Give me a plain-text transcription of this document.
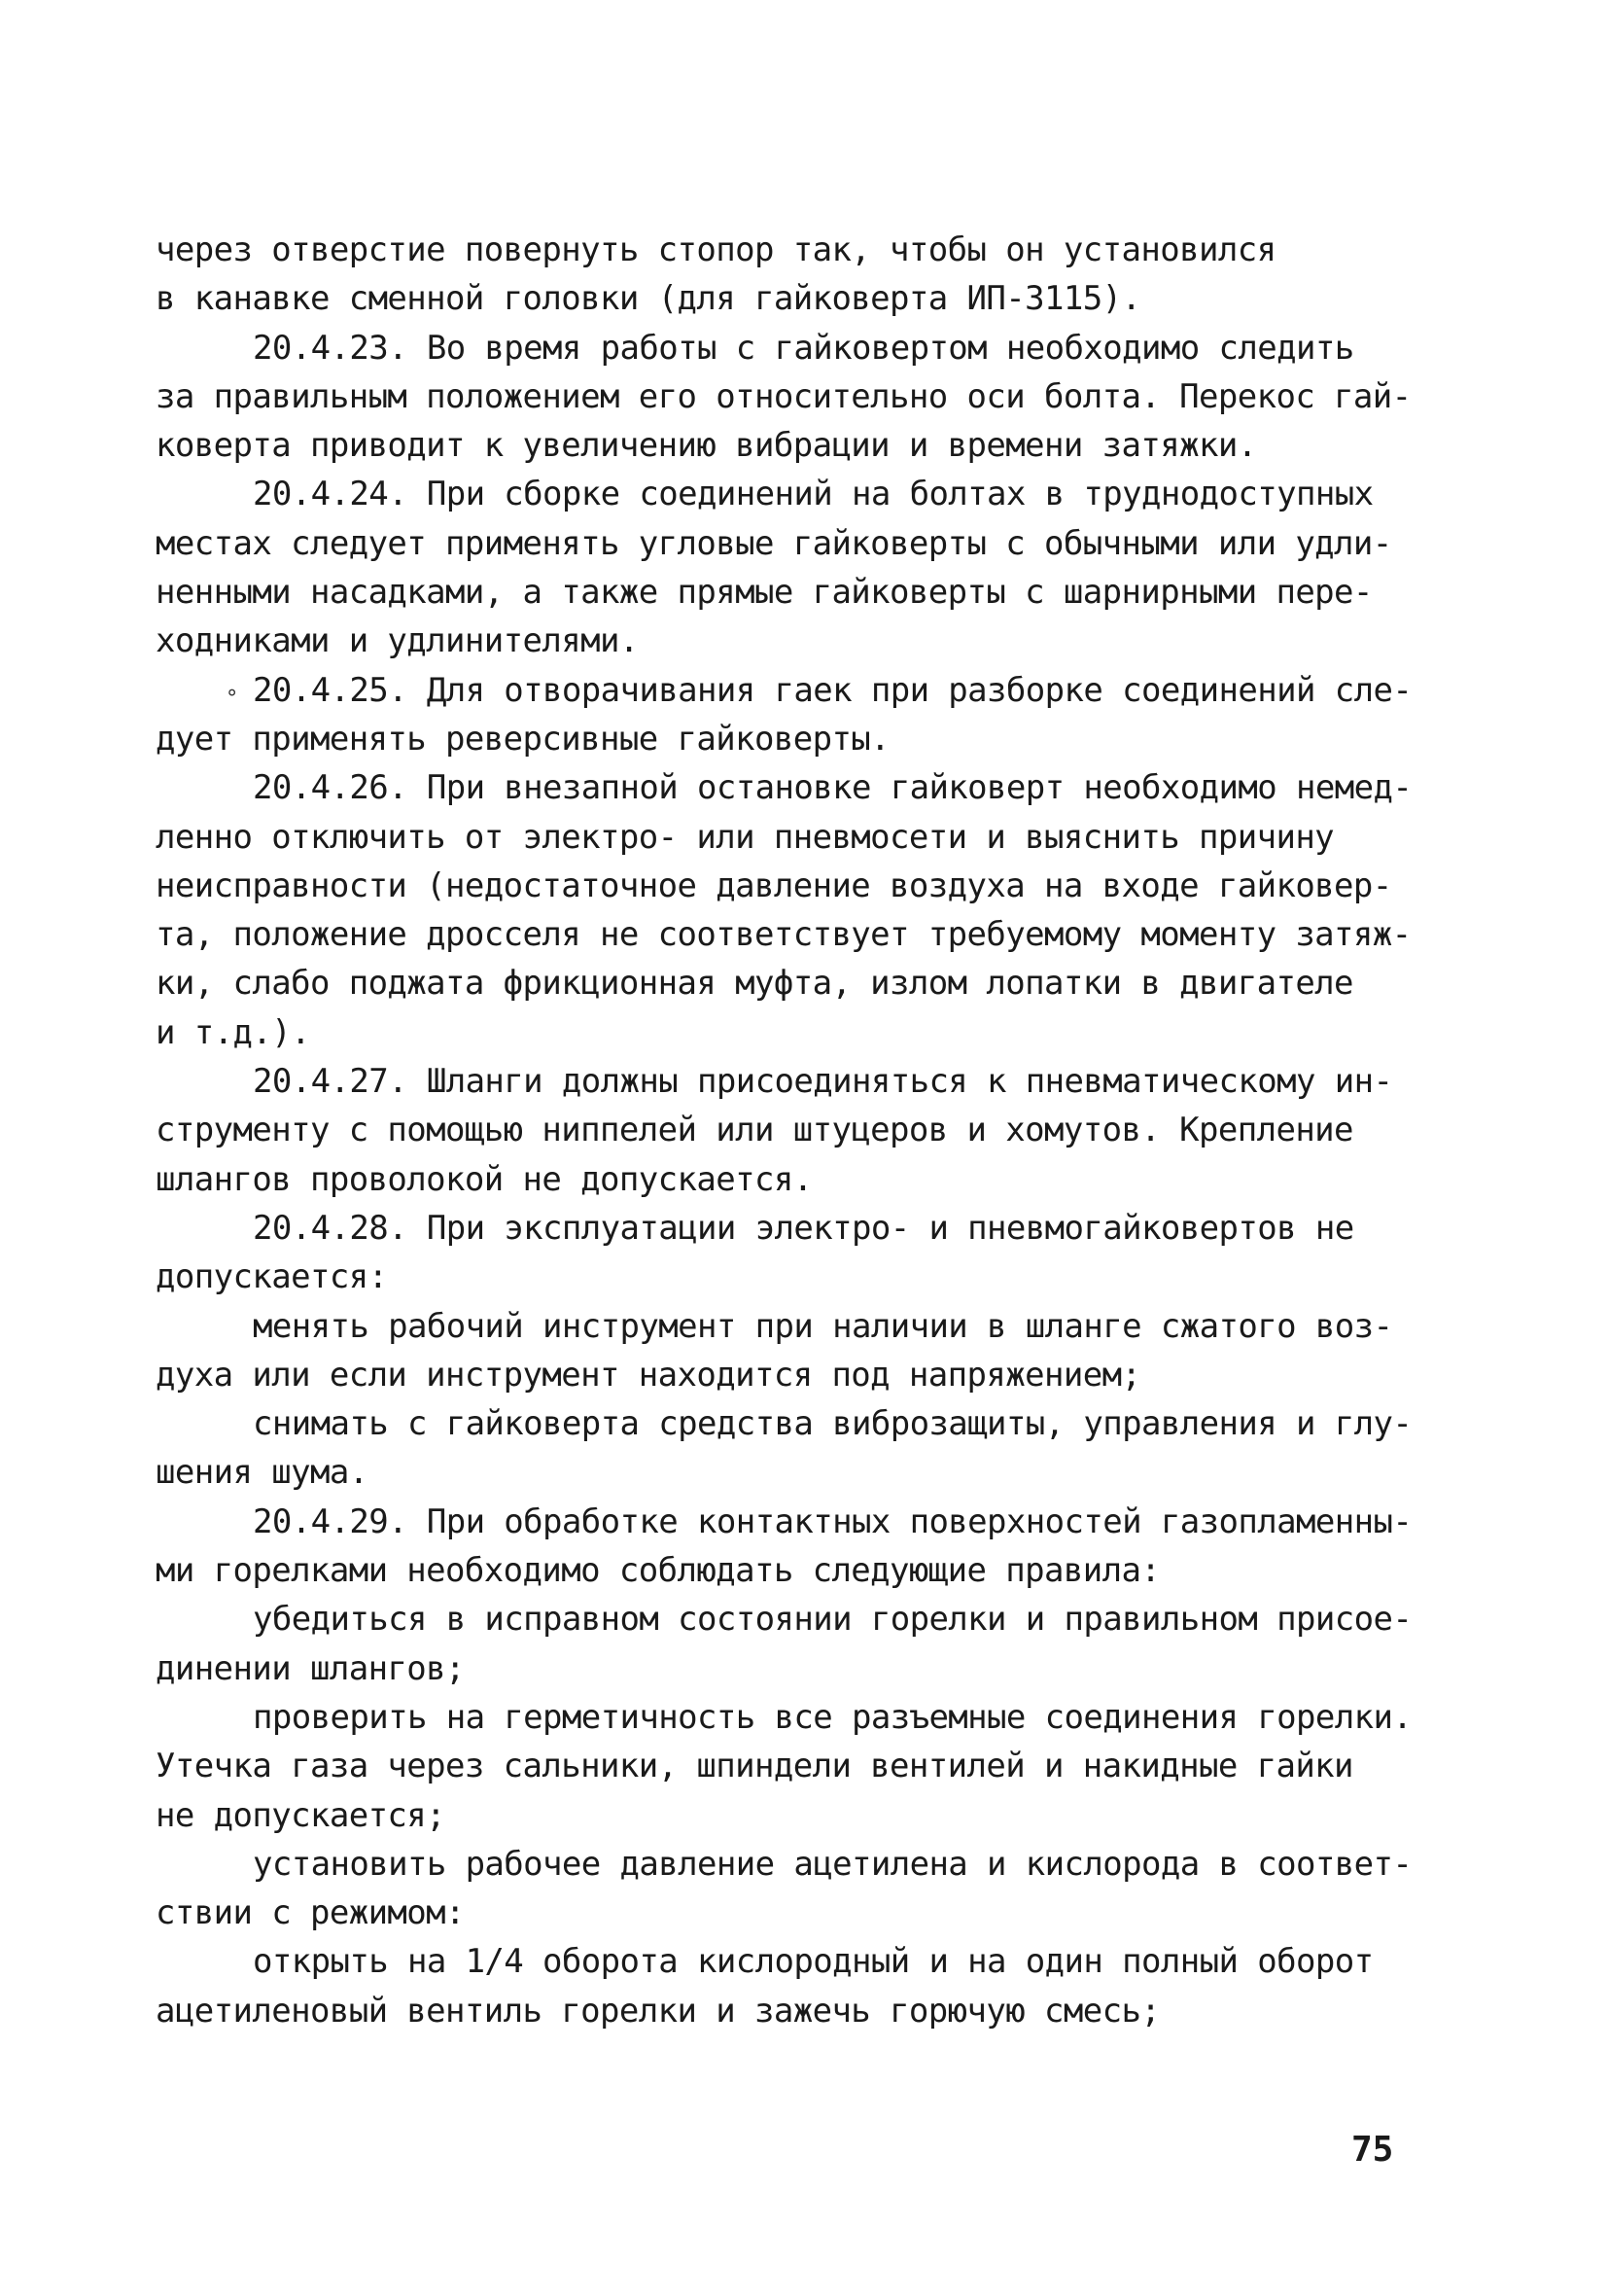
через отверстие повернуть стопор так, чтобы он установился
в канавке сменной головки (для гайковерта ИП-3115).
20.4.23. Во время работы с гайковертом необходимо следить
за правильным положением его относительно оси болта. Перекос гай-
коверта приводит к увеличению вибрации и времени затяжки.
20.4.24. При сборке соединений на болтах в труднодоступных
местах следует применять угловые гайковерты с обычными или удли-
ненными насадками, а также прямые гайковерты с шарнирными пере-
ходниками и удлинителями.
20.4.25. Для отворачивания гаек при разборке соединений сле-
дует применять реверсивные гайковерты.
20.4.26. При внезапной остановке гайковерт необходимо немед-
ленно отключить от электро- или пневмосети и выяснить причину
неисправности (недостаточное давление воздуха на входе гайковер-
та, положение дросселя не соответствует требуемому моменту затяж-
ки, слабо поджата фрикционная муфта, излом лопатки в двигателе
и т.д.).
20.4.27. Шланги должны присоединяться к пневматическому ин-
струменту с помощью ниппелей или штуцеров и хомутов. Крепление
шлангов проволокой не допускается.
20.4.28. При эксплуатации электро- и пневмогайковертов не
допускается:
менять рабочий инструмент при наличии в шланге сжатого воз-
духа или если инструмент находится под напряжением;
снимать с гайковерта средства виброзащиты, управления и глу-
шения шума.
20.4.29. При обработке контактных поверхностей газопламенны-
ми горелками необходимо соблюдать следующие правила:
убедиться в исправном состоянии горелки и правильном присое-
динении шлангов;
проверить на герметичность все разъемные соединения горелки.
Утечка газа через сальники, шпиндели вентилей и накидные гайки
не допускается;
установить рабочее давление ацетилена и кислорода в соответ-
ствии с режимом:
открыть на 1/4 оборота кислородный и на один полный оборот
ацетиленовый вентиль горелки и зажечь горючую смесь;
°
75
